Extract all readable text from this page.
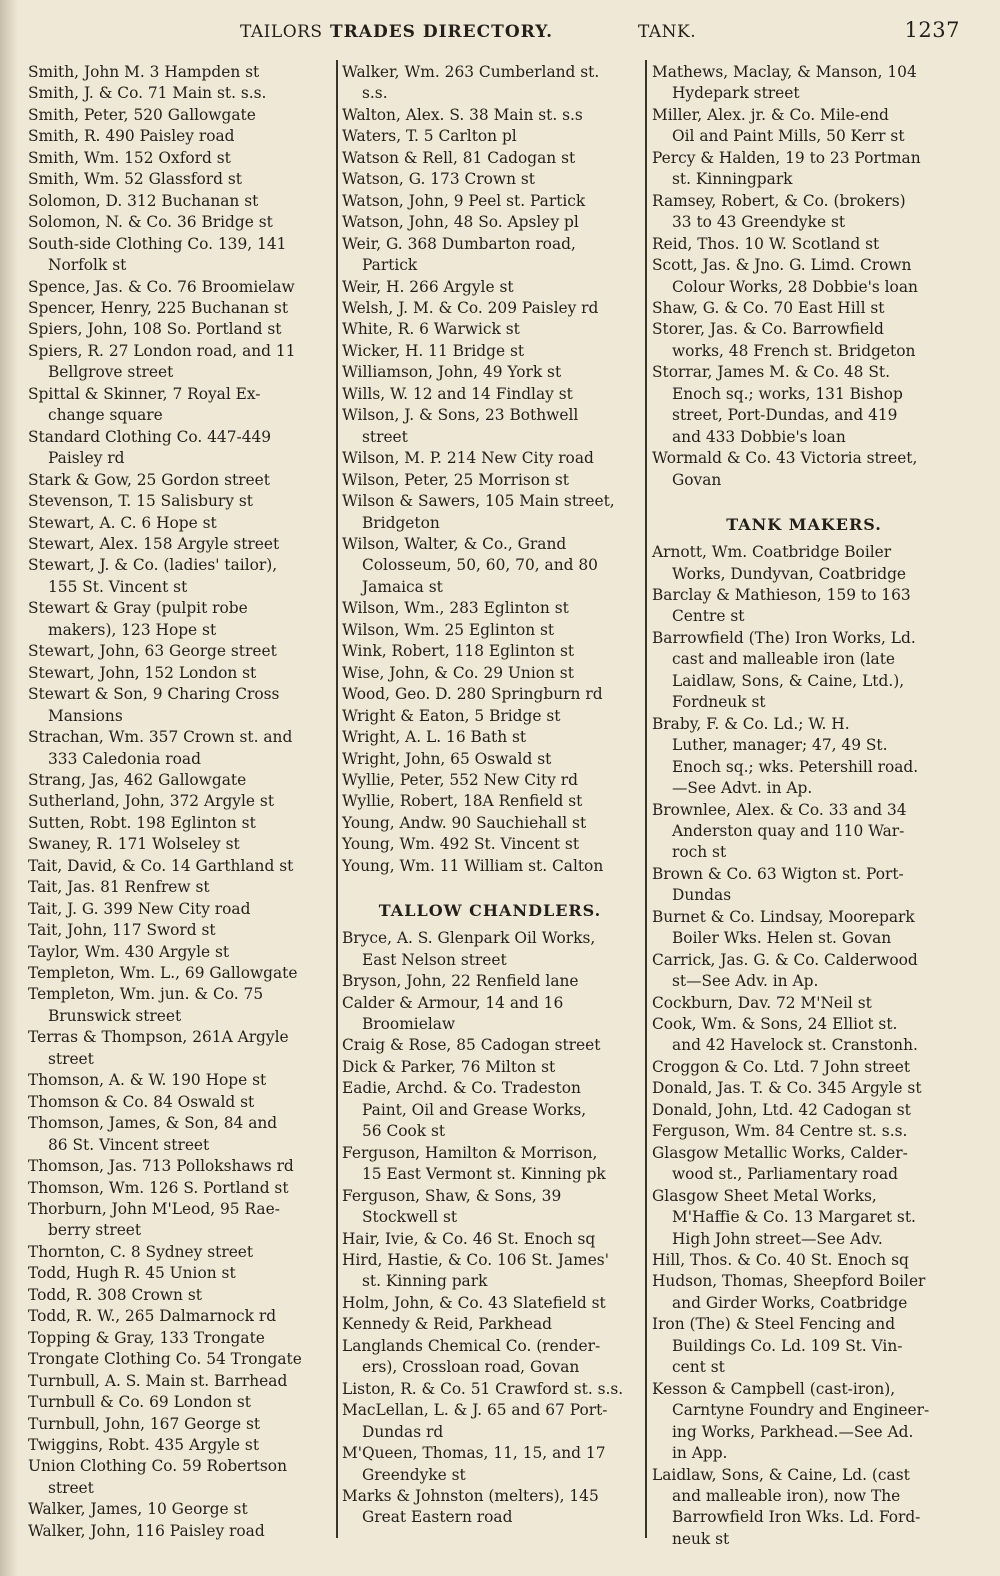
TAILORS TRADES DIRECTORY.	TANK.	1237
Smith, John M. 3 Hampden st
Smith, J. & Co. 71 Main st. s.s.
Smith, Peter, 520 Gallowgate
Smith, R. 490 Paisley road
Smith, Wm. 152 Oxford st
Smith, Wm. 52 Glassford st
Solomon, D. 312 Buchanan st
Solomon, N. & Co. 36 Bridge st
South-side Clothing Co. 139, 141
Norfolk st
Spence, Jas. & Co. 76 Broomielaw
Spencer, Henry, 225 Buchanan st
Spiers, John, 108 So. Portland st
Spiers, R. 27 London road, and 11
Bellgrove street
Spittal & Skinner, 7 Royal Ex-
change square
Standard Clothing Co. 447-449
Paisley rd
Stark & Gow, 25 Gordon street
Stevenson, T. 15 Salisbury st
Stewart, A. C. 6 Hope st
Stewart, Alex. 158 Argyle street
Stewart, J. & Co. (ladies' tailor),
155 St. Vincent st
Stewart & Gray (pulpit robe
makers), 123 Hope st
Stewart, John, 63 George street
Stewart, John, 152 London st
Stewart & Son, 9 Charing Cross
Mansions
Strachan, Wm. 357 Crown st. and
333 Caledonia road
Strang, Jas, 462 Gallowgate
Sutherland, John, 372 Argyle st
Sutten, Robt. 198 Eglinton st
Swaney, R. 171 Wolseley st
Tait, David, & Co. 14 Garthland st
Tait, Jas. 81 Renfrew st
Tait, J. G. 399 New City road
Tait, John, 117 Sword st
Taylor, Wm. 430 Argyle st
Templeton, Wm. L., 69 Gallowgate
Templeton, Wm. jun. & Co. 75
Brunswick street
Terras & Thompson, 261A Argyle
street
Thomson, A. & W. 190 Hope st
Thomson & Co. 84 Oswald st
Thomson, James, & Son, 84 and
86 St. Vincent street
Thomson, Jas. 713 Pollokshaws rd
Thomson, Wm. 126 S. Portland st
Thorburn, John M'Leod, 95 Rae-
berry street
Thornton, C. 8 Sydney street
Todd, Hugh R. 45 Union st
Todd, R. 308 Crown st
Todd, R. W., 265 Dalmarnock rd
Topping & Gray, 133 Trongate
Trongate Clothing Co. 54 Trongate
Turnbull, A. S. Main st. Barrhead
Turnbull & Co. 69 London st
Turnbull, John, 167 George st
Twiggins, Robt. 435 Argyle st
Union Clothing Co. 59 Robertson
street
Walker, James, 10 George st
Walker, John, 116 Paisley road
Walker, Wm. 263 Cumberland st.
s.s.
Walton, Alex. S. 38 Main st. s.s
Waters, T. 5 Carlton pl
Watson & Rell, 81 Cadogan st
Watson, G. 173 Crown st
Watson, John, 9 Peel st. Partick
Watson, John, 48 So. Apsley pl
Weir, G. 368 Dumbarton road,
Partick
Weir, H. 266 Argyle st
Welsh, J. M. & Co. 209 Paisley rd
White, R. 6 Warwick st
Wicker, H. 11 Bridge st
Williamson, John, 49 York st
Wills, W. 12 and 14 Findlay st
Wilson, J. & Sons, 23 Bothwell
street
Wilson, M. P. 214 New City road
Wilson, Peter, 25 Morrison st
Wilson & Sawers, 105 Main street,
Bridgeton
Wilson, Walter, & Co., Grand
Colosseum, 50, 60, 70, and 80
Jamaica st
Wilson, Wm., 283 Eglinton st
Wilson, Wm. 25 Eglinton st
Wink, Robert, 118 Eglinton st
Wise, John, & Co. 29 Union st
Wood, Geo. D. 280 Springburn rd
Wright & Eaton, 5 Bridge st
Wright, A. L. 16 Bath st
Wright, John, 65 Oswald st
Wyllie, Peter, 552 New City rd
Wyllie, Robert, 18A Renfield st
Young, Andw. 90 Sauchiehall st
Young, Wm. 492 St. Vincent st
Young, Wm. 11 William st. Calton
TALLOW CHANDLERS.
Bryce, A. S. Glenpark Oil Works,
East Nelson street
Bryson, John, 22 Renfield lane
Calder & Armour, 14 and 16
Broomielaw
Craig & Rose, 85 Cadogan street
Dick & Parker, 76 Milton st
Eadie, Archd. & Co. Tradeston
Paint, Oil and Grease Works,
56 Cook st
Ferguson, Hamilton & Morrison,
15 East Vermont st. Kinning pk
Ferguson, Shaw, & Sons, 39
Stockwell st
Hair, Ivie, & Co. 46 St. Enoch sq
Hird, Hastie, & Co. 106 St. James'
st. Kinning park
Holm, John, & Co. 43 Slatefield st
Kennedy & Reid, Parkhead
Langlands Chemical Co. (render-
ers), Crossloan road, Govan
Liston, R. & Co. 51 Crawford st. s.s.
MacLellan, L. & J. 65 and 67 Port-
Dundas rd
M'Queen, Thomas, 11, 15, and 17
Greendyke st
Marks & Johnston (melters), 145
Great Eastern road
Mathews, Maclay, & Manson, 104
Hydepark street
Miller, Alex. jr. & Co. Mile-end
Oil and Paint Mills, 50 Kerr st
Percy & Halden, 19 to 23 Portman
st. Kinningpark
Ramsey, Robert, & Co. (brokers)
33 to 43 Greendyke st
Reid, Thos. 10 W. Scotland st
Scott, Jas. & Jno. G. Limd. Crown
Colour Works, 28 Dobbie's loan
Shaw, G. & Co. 70 East Hill st
Storer, Jas. & Co. Barrowfield
works, 48 French st. Bridgeton
Storrar, James M. & Co. 48 St.
Enoch sq.; works, 131 Bishop
street, Port-Dundas, and 419
and 433 Dobbie's loan
Wormald & Co. 43 Victoria street,
Govan
TANK MAKERS.
Arnott, Wm. Coatbridge Boiler
Works, Dundyvan, Coatbridge
Barclay & Mathieson, 159 to 163
Centre st
Barrowfield (The) Iron Works, Ld.
cast and malleable iron (late
Laidlaw, Sons, & Caine, Ltd.),
Fordneuk st
Braby, F. & Co. Ld.; W. H.
Luther, manager; 47, 49 St.
Enoch sq.; wks. Petershill road.
—See Advt. in Ap.
Brownlee, Alex. & Co. 33 and 34
Anderston quay and 110 War-
roch st
Brown & Co. 63 Wigton st. Port-
Dundas
Burnet & Co. Lindsay, Moorepark
Boiler Wks. Helen st. Govan
Carrick, Jas. G. & Co. Calderwood
st—See Adv. in Ap.
Cockburn, Dav. 72 M'Neil st
Cook, Wm. & Sons, 24 Elliot st.
and 42 Havelock st. Cranstonh.
Croggon & Co. Ltd. 7 John street
Donald, Jas. T. & Co. 345 Argyle st
Donald, John, Ltd. 42 Cadogan st
Ferguson, Wm. 84 Centre st. s.s.
Glasgow Metallic Works, Calder-
wood st., Parliamentary road
Glasgow Sheet Metal Works,
M'Haffie & Co. 13 Margaret st.
High John street—See Adv.
Hill, Thos. & Co. 40 St. Enoch sq
Hudson, Thomas, Sheepford Boiler
and Girder Works, Coatbridge
Iron (The) & Steel Fencing and
Buildings Co. Ld. 109 St. Vin-
cent st
Kesson & Campbell (cast-iron),
Carntyne Foundry and Engineer-
ing Works, Parkhead.—See Ad.
in App.
Laidlaw, Sons, & Caine, Ld. (cast
and malleable iron), now The
Barrowfield Iron Wks. Ld. Ford-
neuk st
